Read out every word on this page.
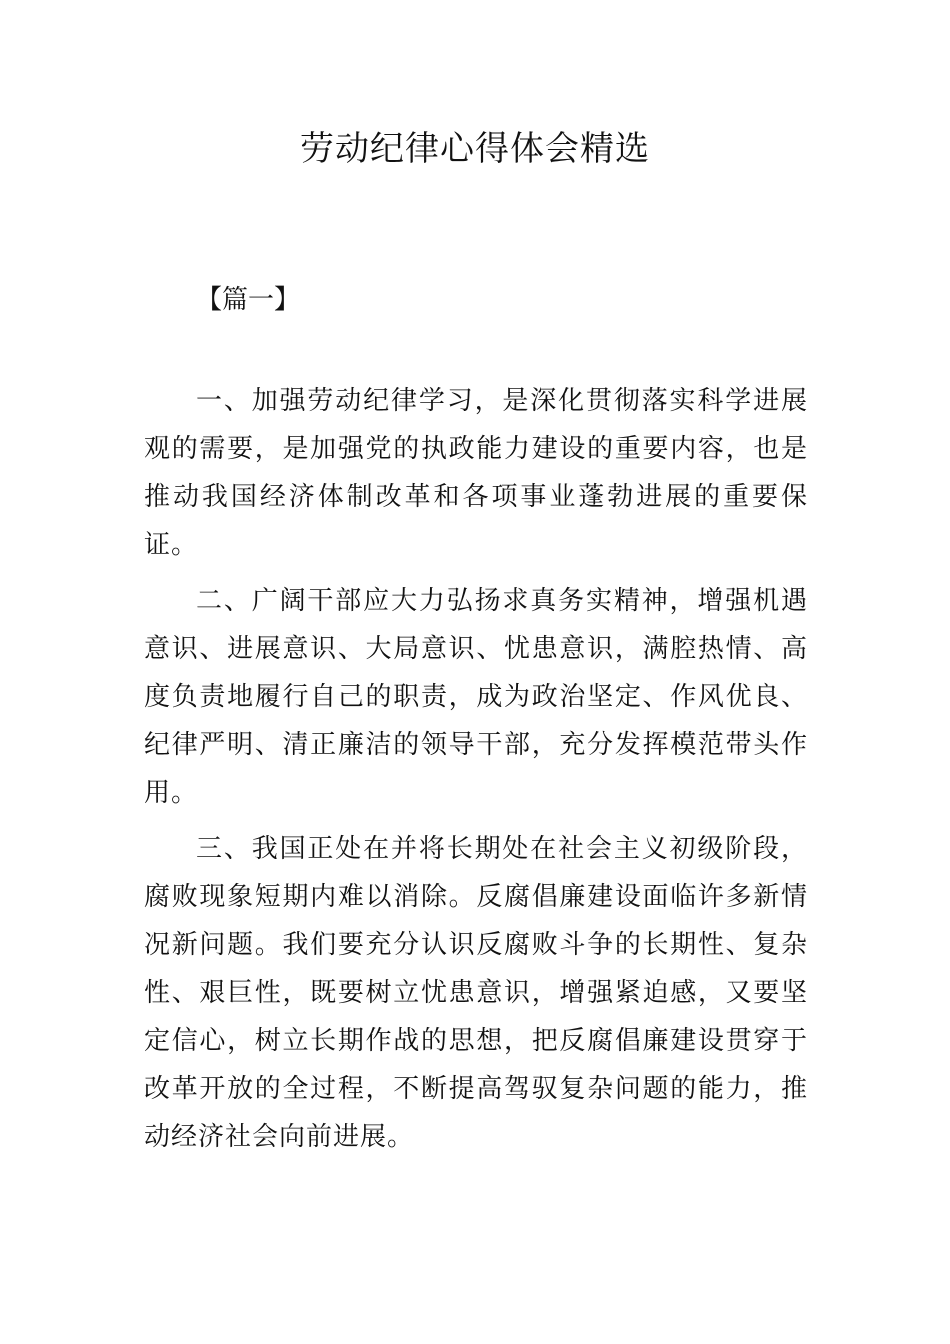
劳动纪律心得体会精选

【篇一】

一、加强劳动纪律学习，是深化贯彻落实科学进展观的需要，是加强党的执政能力建设的重要内容，也是推动我国经济体制改革和各项事业蓬勃进展的重要保证。

二、广阔干部应大力弘扬求真务实精神，增强机遇意识、进展意识、大局意识、忧患意识，满腔热情、高度负责地履行自己的职责，成为政治坚定、作风优良、纪律严明、清正廉洁的领导干部，充分发挥模范带头作用。

三、我国正处在并将长期处在社会主义初级阶段，腐败现象短期内难以消除。反腐倡廉建设面临许多新情况新问题。我们要充分认识反腐败斗争的长期性、复杂性、艰巨性，既要树立忧患意识，增强紧迫感，又要坚定信心，树立长期作战的思想，把反腐倡廉建设贯穿于改革开放的全过程，不断提高驾驭复杂问题的能力，推动经济社会向前进展。
